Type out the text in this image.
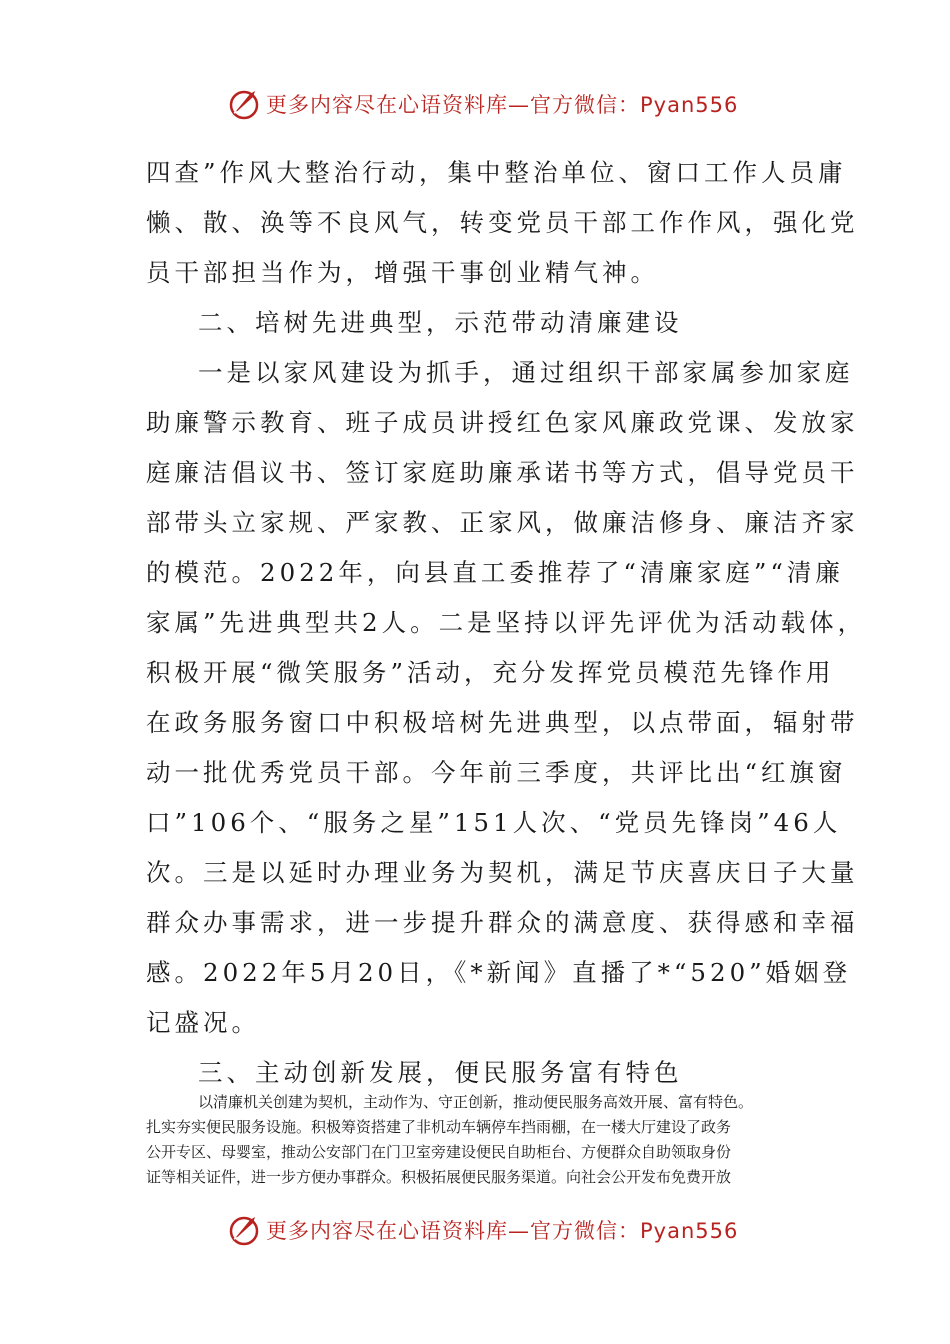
更多内容尽在心语资料库—官方微信：Pyan556
四查”作风大整治行动，集中整治单位、窗口工作人员庸
懒、散、涣等不良风气，转变党员干部工作作风，强化党
员干部担当作为，增强干事创业精气神。
二、培树先进典型，示范带动清廉建设
一是以家风建设为抓手，通过组织干部家属参加家庭
助廉警示教育、班子成员讲授红色家风廉政党课、发放家
庭廉洁倡议书、签订家庭助廉承诺书等方式，倡导党员干
部带头立家规、严家教、正家风，做廉洁修身、廉洁齐家
的模范。2022年，向县直工委推荐了“清廉家庭”“清廉
家属”先进典型共2人。二是坚持以评先评优为活动载体，
积极开展“微笑服务”活动，充分发挥党员模范先锋作用
在政务服务窗口中积极培树先进典型，以点带面，辐射带
动一批优秀党员干部。今年前三季度，共评比出“红旗窗
口”106个、“服务之星”151人次、“党员先锋岗”46人
次。三是以延时办理业务为契机，满足节庆喜庆日子大量
群众办事需求，进一步提升群众的满意度、获得感和幸福
感。2022年5月20日，《*新闻》直播了*“520”婚姻登
记盛况。
三、主动创新发展，便民服务富有特色
以清廉机关创建为契机，主动作为、守正创新，推动便民服务高效开展、富有特色。
扎实夯实便民服务设施。积极筹资搭建了非机动车辆停车挡雨棚，在一楼大厅建设了政务
公开专区、母婴室，推动公安部门在门卫室旁建设便民自助柜台、方便群众自助领取身份
证等相关证件，进一步方便办事群众。积极拓展便民服务渠道。向社会公开发布免费开放
更多内容尽在心语资料库—官方微信：Pyan556
